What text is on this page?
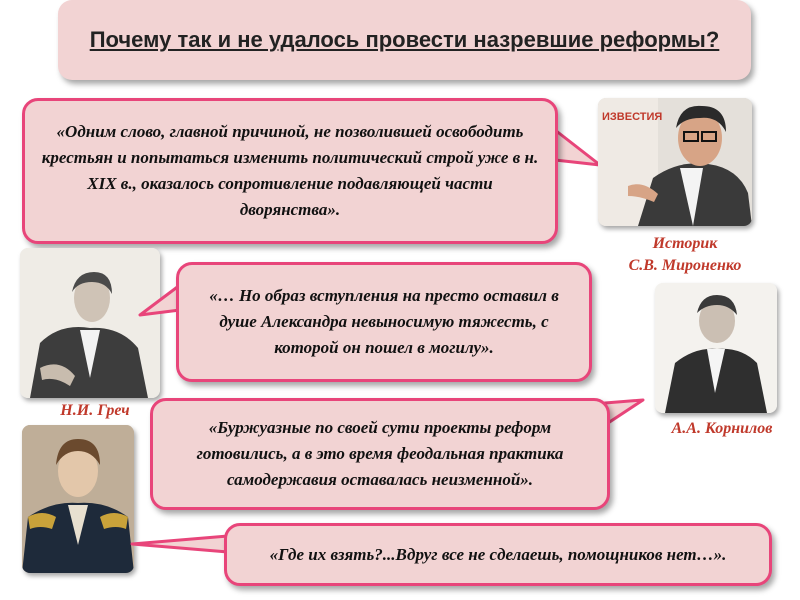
Почему так и не удалось провести назревшие реформы?
«Одним слово, главной причиной, не позволившей освободить крестьян и попытаться изменить политический строй уже в н. XIX в., оказалось сопротивление подавляющей части дворянства».
ИЗВЕСТИЯ
Историк
С.В. Мироненко
Н.И. Греч
«… Но образ вступления на престо оставил в душе Александра невыносимую тяжесть, с которой он пошел в могилу».
А.А. Корнилов
«Буржуазные по своей сути проекты реформ готовились, а в это время феодальная практика самодержавия оставалась неизменной».
«Где их взять?...Вдруг все не сделаешь, помощников нет…».
